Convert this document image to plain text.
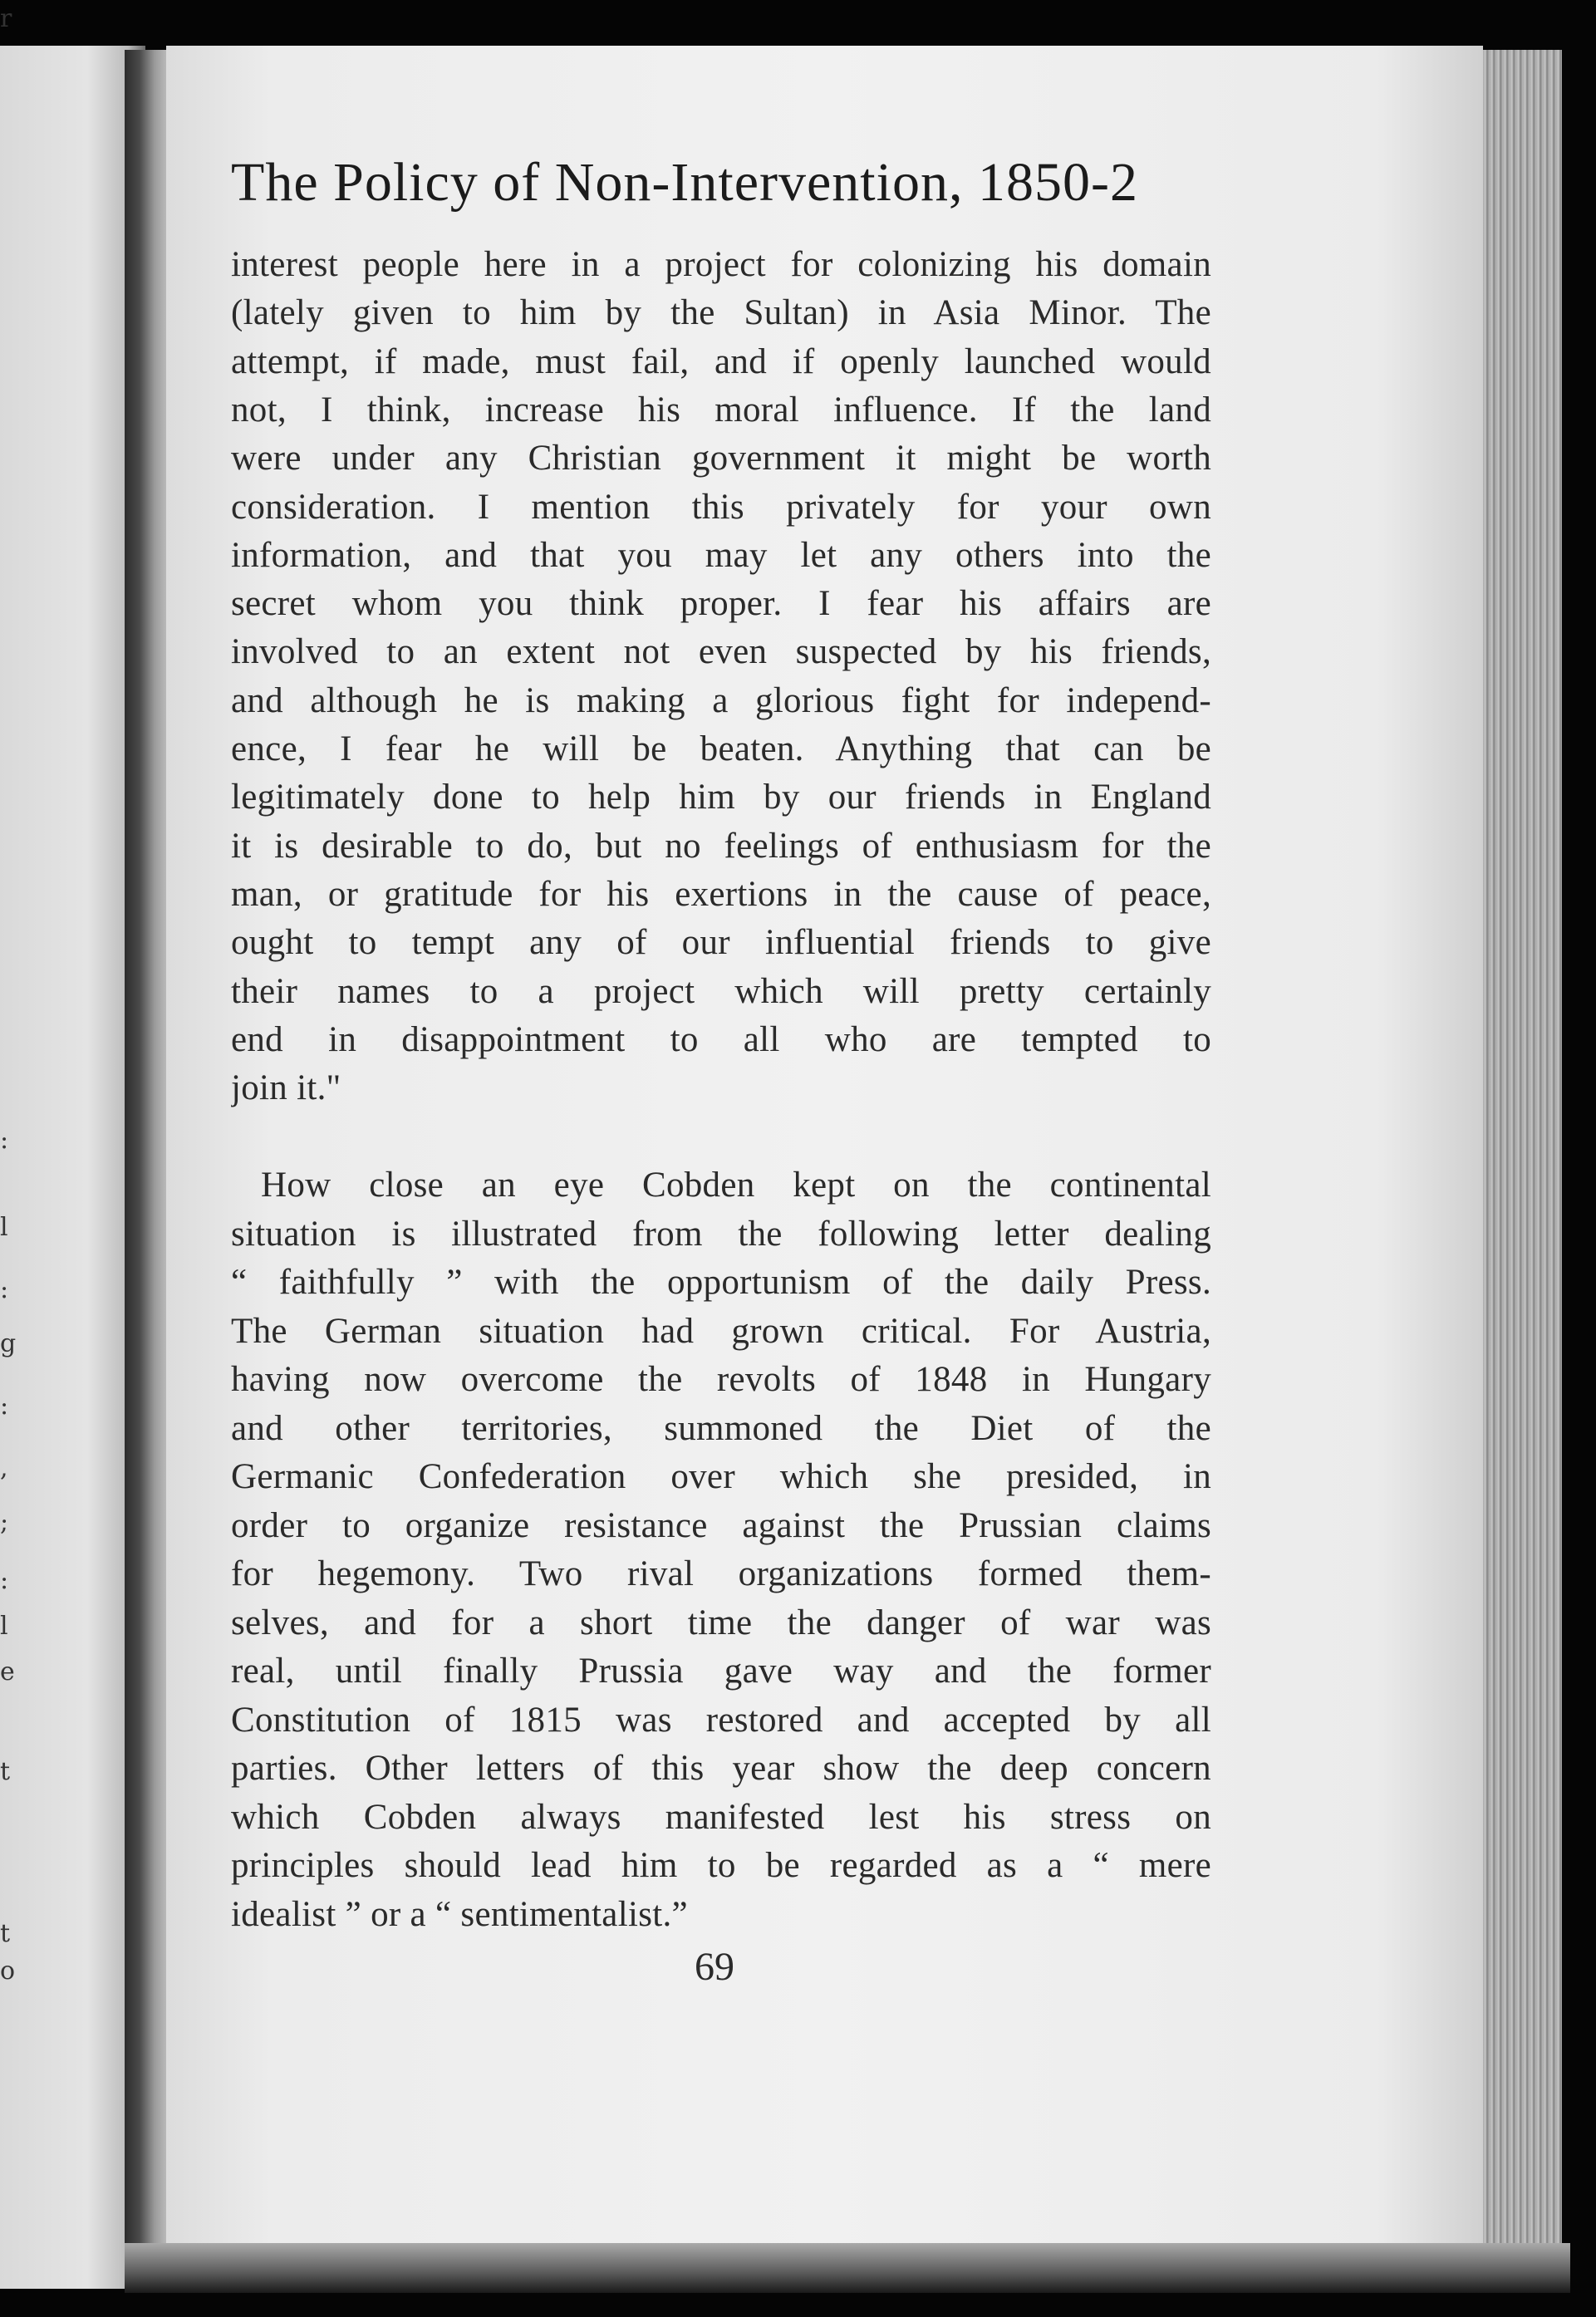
r
:
l
:
g
:
,
;
:
l
e
t
t
o
The Policy of Non-Intervention, 1850-2
interest people here in a project for colonizing his domain
(lately given to him by the Sultan) in Asia Minor. The
attempt, if made, must fail, and if openly launched would
not, I think, increase his moral influence. If the land
were under any Christian government it might be worth
consideration. I mention this privately for your own
information, and that you may let any others into the
secret whom you think proper. I fear his affairs are
involved to an extent not even suspected by his friends,
and although he is making a glorious fight for independ-
ence, I fear he will be beaten. Anything that can be
legitimately done to help him by our friends in England
it is desirable to do, but no feelings of enthusiasm for the
man, or gratitude for his exertions in the cause of peace,
ought to tempt any of our influential friends to give
their names to a project which will pretty certainly
end in disappointment to all who are tempted to
join it."
How close an eye Cobden kept on the continental
situation is illustrated from the following letter dealing
“ faithfully ” with the opportunism of the daily Press.
The German situation had grown critical. For Austria,
having now overcome the revolts of 1848 in Hungary
and other territories, summoned the Diet of the
Germanic Confederation over which she presided, in
order to organize resistance against the Prussian claims
for hegemony. Two rival organizations formed them-
selves, and for a short time the danger of war was
real, until finally Prussia gave way and the former
Constitution of 1815 was restored and accepted by all
parties. Other letters of this year show the deep concern
which Cobden always manifested lest his stress on
principles should lead him to be regarded as a “ mere
idealist ” or a “ sentimentalist.”
69
